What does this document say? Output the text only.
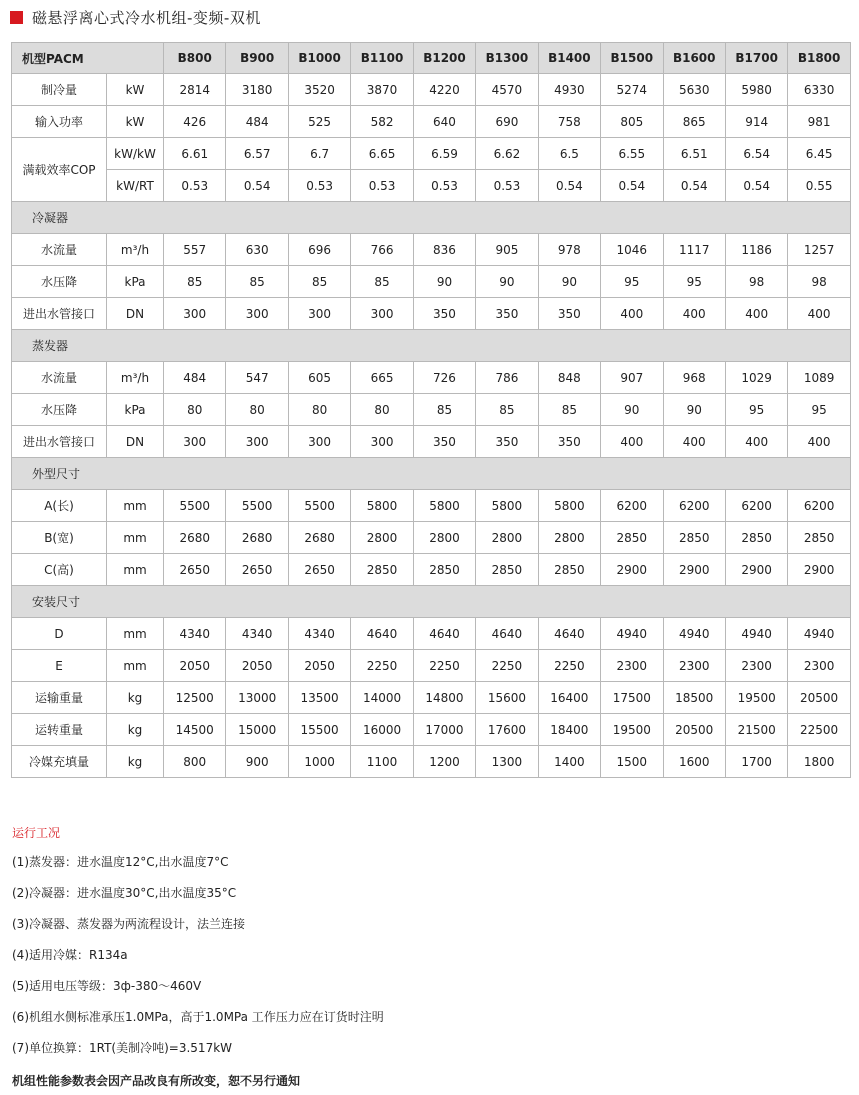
磁悬浮离心式冷水机组-变频-双机
机型PACM		B800	B900	B1000	B1100	B1200	B1300	B1400	B1500	B1600	B1700	B1800
制冷量	kW	2814	3180	3520	3870	4220	4570	4930	5274	5630	5980	6330
输入功率	kW	426	484	525	582	640	690	758	805	865	914	981
满载效率COP	kW/kW	6.61	6.57	6.7	6.65	6.59	6.62	6.5	6.55	6.51	6.54	6.45
	kW/RT	0.53	0.54	0.53	0.53	0.53	0.53	0.54	0.54	0.54	0.54	0.55
冷凝器												
水流量	m³/h	557	630	696	766	836	905	978	1046	1117	1186	1257
水压降	kPa	85	85	85	85	90	90	90	95	95	98	98
进出水管接口	DN	300	300	300	300	350	350	350	400	400	400	400
蒸发器												
水流量	m³/h	484	547	605	665	726	786	848	907	968	1029	1089
水压降	kPa	80	80	80	80	85	85	85	90	90	95	95
进出水管接口	DN	300	300	300	300	350	350	350	400	400	400	400
外型尺寸												
A(长)	mm	5500	5500	5500	5800	5800	5800	5800	6200	6200	6200	6200
B(宽)	mm	2680	2680	2680	2800	2800	2800	2800	2850	2850	2850	2850
C(高)	mm	2650	2650	2650	2850	2850	2850	2850	2900	2900	2900	2900
安装尺寸												
D	mm	4340	4340	4340	4640	4640	4640	4640	4940	4940	4940	4940
E	mm	2050	2050	2050	2250	2250	2250	2250	2300	2300	2300	2300
运输重量	kg	12500	13000	13500	14000	14800	15600	16400	17500	18500	19500	20500
运转重量	kg	14500	15000	15500	16000	17000	17600	18400	19500	20500	21500	22500
冷媒充填量	kg	800	900	1000	1100	1200	1300	1400	1500	1600	1700	1800
运行工况
(1)蒸发器：进水温度12°C,出水温度7°C
(2)冷凝器：进水温度30°C,出水温度35°C
(3)冷凝器、蒸发器为两流程设计，法兰连接
(4)适用冷媒：R134a
(5)适用电压等级：3ф-380～460V
(6)机组水侧标准承压1.0MPa，高于1.0MPa 工作压力应在订货时注明
(7)单位换算：1RT(美制冷吨)=3.517kW
机组性能参数表会因产品改良有所改变，恕不另行通知
